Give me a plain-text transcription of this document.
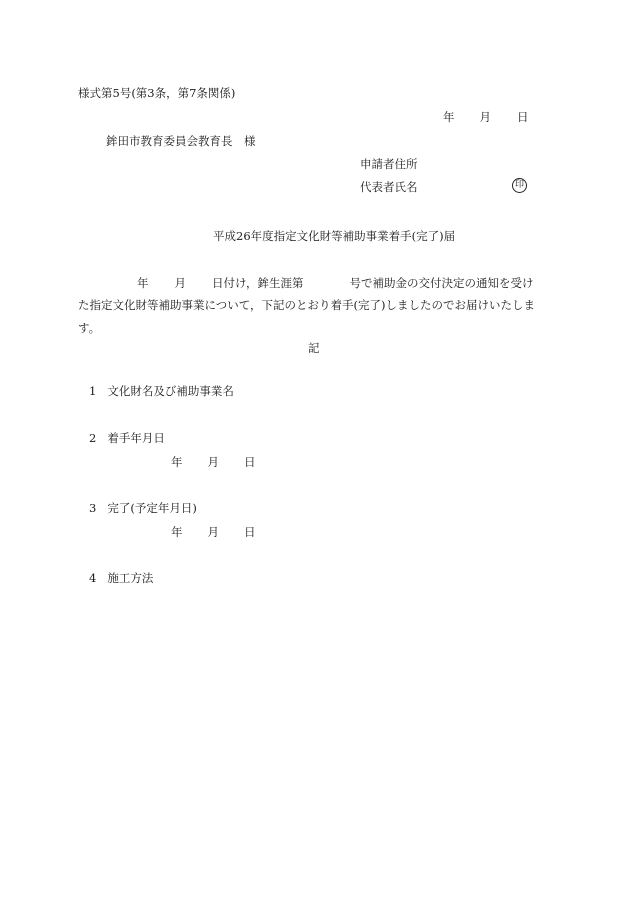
様式第5号(第3条，第7条関係)
年 月 日
鉾田市教育委員会教育長　様
申請者住所
代表者氏名	印
平成26年度指定文化財等補助事業着手(完了)届
年 月 日付け，鉾生涯第	号で補助金の交付決定の通知を受け
た指定文化財等補助事業について，下記のとおり着手(完了)しましたのでお届けいたしま
す。
記
1 文化財名及び補助事業名
2 着手年月日
年 月 日
3 完了(予定年月日)
年 月 日
4 施工方法
